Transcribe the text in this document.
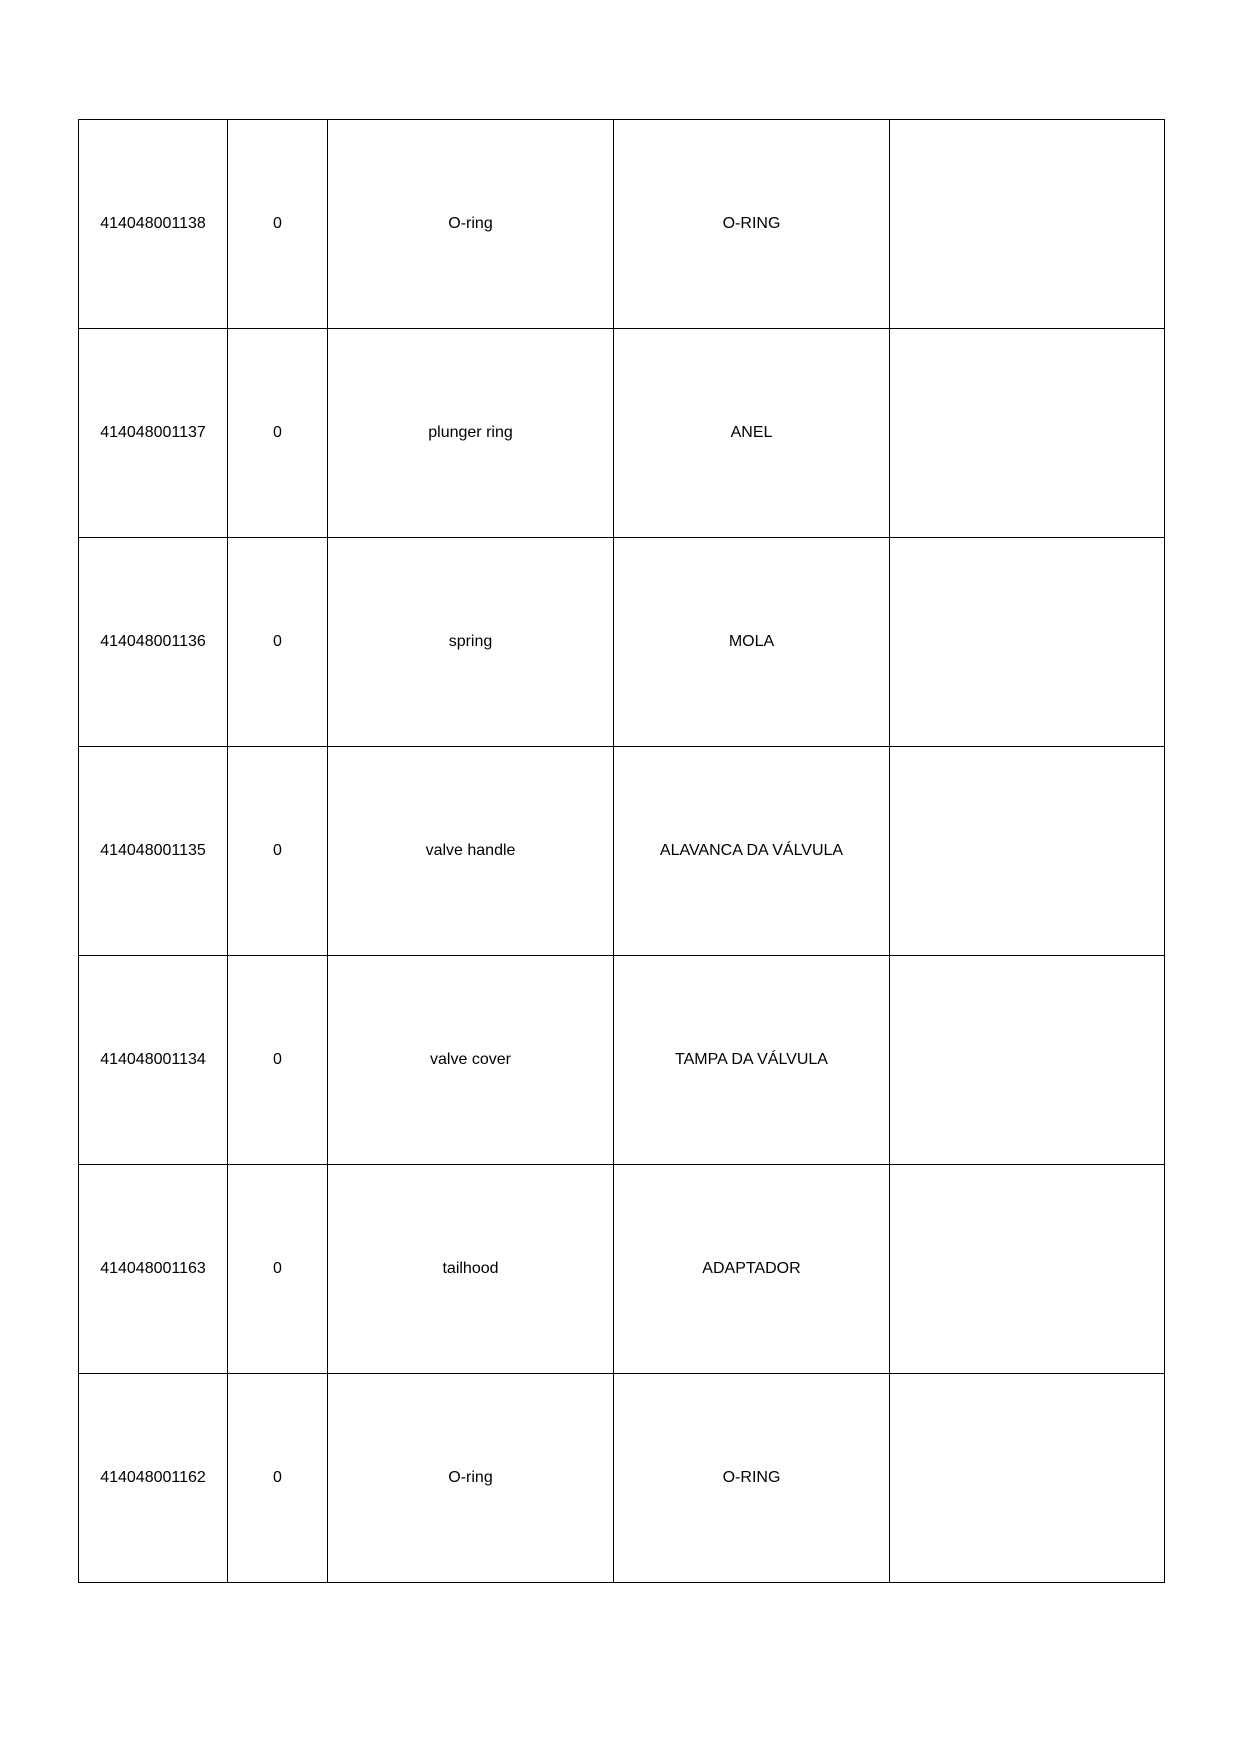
414048001138	0	O-ring	O-RING	
414048001137	0	plunger ring	ANEL	
414048001136	0	spring	MOLA	
414048001135	0	valve handle	ALAVANCA DA VÁLVULA	
414048001134	0	valve cover	TAMPA DA VÁLVULA	
414048001163	0	tailhood	ADAPTADOR	
414048001162	0	O-ring	O-RING	
